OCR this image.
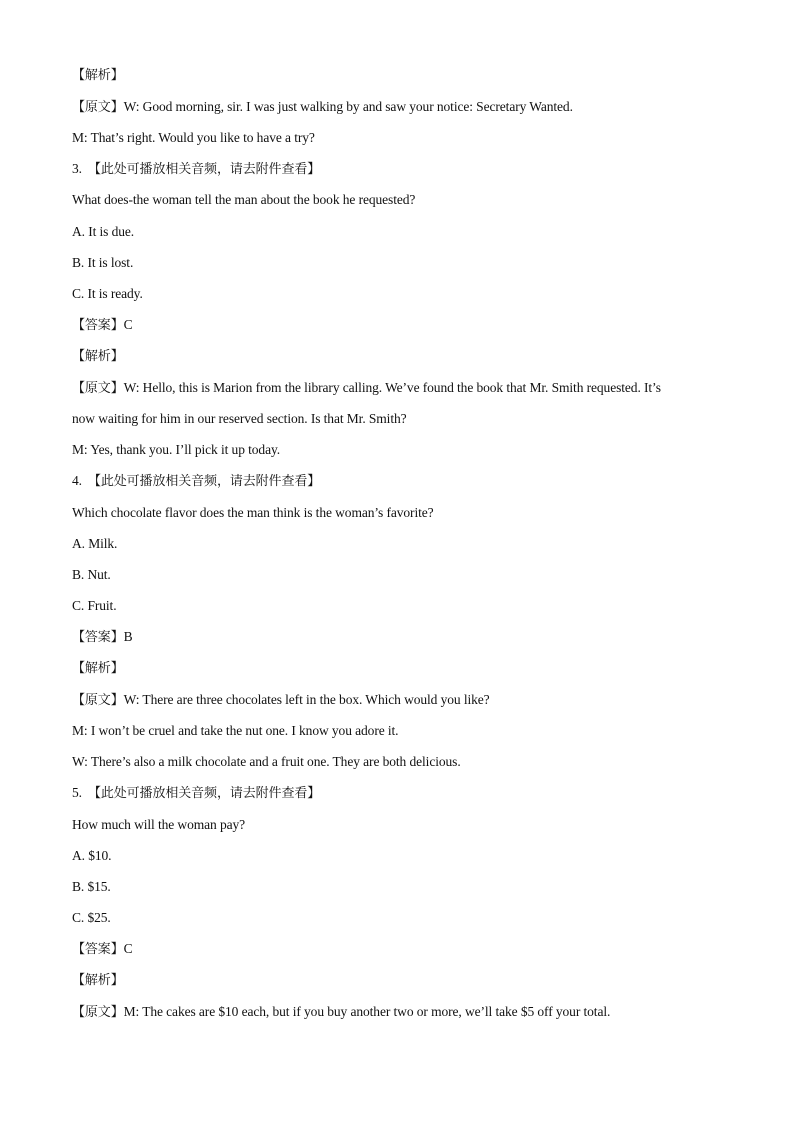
【解析】
【原文】W: Good morning, sir. I was just walking by and saw your notice: Secretary Wanted.
M: That’s right. Would you like to have a try?
3. 【此处可播放相关音频，请去附件查看】
What does-the woman tell the man about the book he requested?
A. It is due.
B. It is lost.
C. It is ready.
【答案】C
【解析】
【原文】W: Hello, this is Marion from the library calling. We’ve found the book that Mr. Smith requested. It’s
now waiting for him in our reserved section. Is that Mr. Smith?
M: Yes, thank you. I’ll pick it up today.
4. 【此处可播放相关音频，请去附件查看】
Which chocolate flavor does the man think is the woman’s favorite?
A. Milk.
B. Nut.
C. Fruit.
【答案】B
【解析】
【原文】W: There are three chocolates left in the box. Which would you like?
M: I won’t be cruel and take the nut one. I know you adore it.
W: There’s also a milk chocolate and a fruit one. They are both delicious.
5. 【此处可播放相关音频，请去附件查看】
How much will the woman pay?
A. $10.
B. $15.
C. $25.
【答案】C
【解析】
【原文】M: The cakes are $10 each, but if you buy another two or more, we’ll take $5 off your total.
